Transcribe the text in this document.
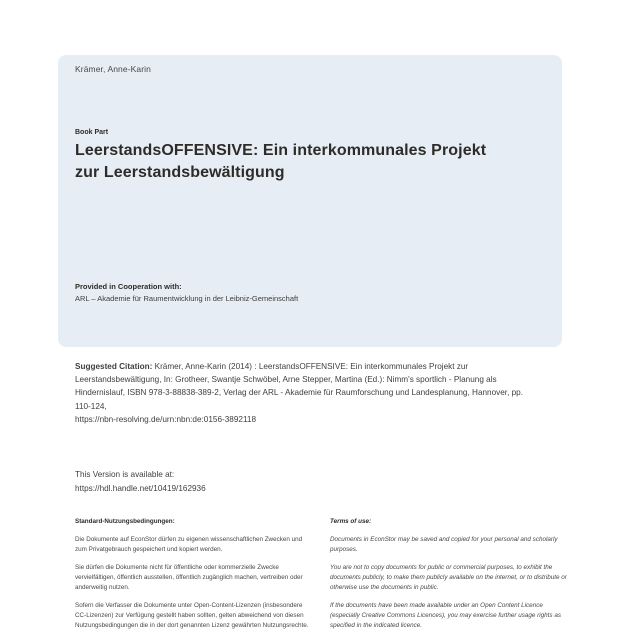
Krämer, Anne-Karin
Book Part
LeerstandsOFFENSIVE: Ein interkommunales Projekt zur Leerstandsbewältigung
Provided in Cooperation with:
ARL – Akademie für Raumentwicklung in der Leibniz-Gemeinschaft
Suggested Citation: Krämer, Anne-Karin (2014) : LeerstandsOFFENSIVE: Ein interkommunales Projekt zur Leerstandsbewältigung, In: Grotheer, Swantje Schwöbel, Arne Stepper, Martina (Ed.): Nimm's sportlich - Planung als Hindernislauf, ISBN 978-3-88838-389-2, Verlag der ARL - Akademie für Raumforschung und Landesplanung, Hannover, pp. 110-124,
https://nbn-resolving.de/urn:nbn:de:0156-3892118
This Version is available at:
https://hdl.handle.net/10419/162936

Standard-Nutzungsbedingungen:

Die Dokumente auf EconStor dürfen zu eigenen wissenschaftlichen Zwecken und zum Privatgebrauch gespeichert und kopiert werden.

Sie dürfen die Dokumente nicht für öffentliche oder kommerzielle Zwecke vervielfältigen, öffentlich ausstellen, öffentlich zugänglich machen, vertreiben oder anderweitig nutzen.

Sofern die Verfasser die Dokumente unter Open-Content-Lizenzen (insbesondere CC-Lizenzen) zur Verfügung gestellt haben sollten, gelten abweichend von diesen Nutzungsbedingungen die in der dort genannten Lizenz gewährten Nutzungsrechte.

Terms of use:

Documents in EconStor may be saved and copied for your personal and scholarly purposes.

You are not to copy documents for public or commercial purposes, to exhibit the documents publicly, to make them publicly available on the internet, or to distribute or otherwise use the documents in public.

If the documents have been made available under an Open Content Licence (especially Creative Commons Licences), you may exercise further usage rights as specified in the indicated licence.
